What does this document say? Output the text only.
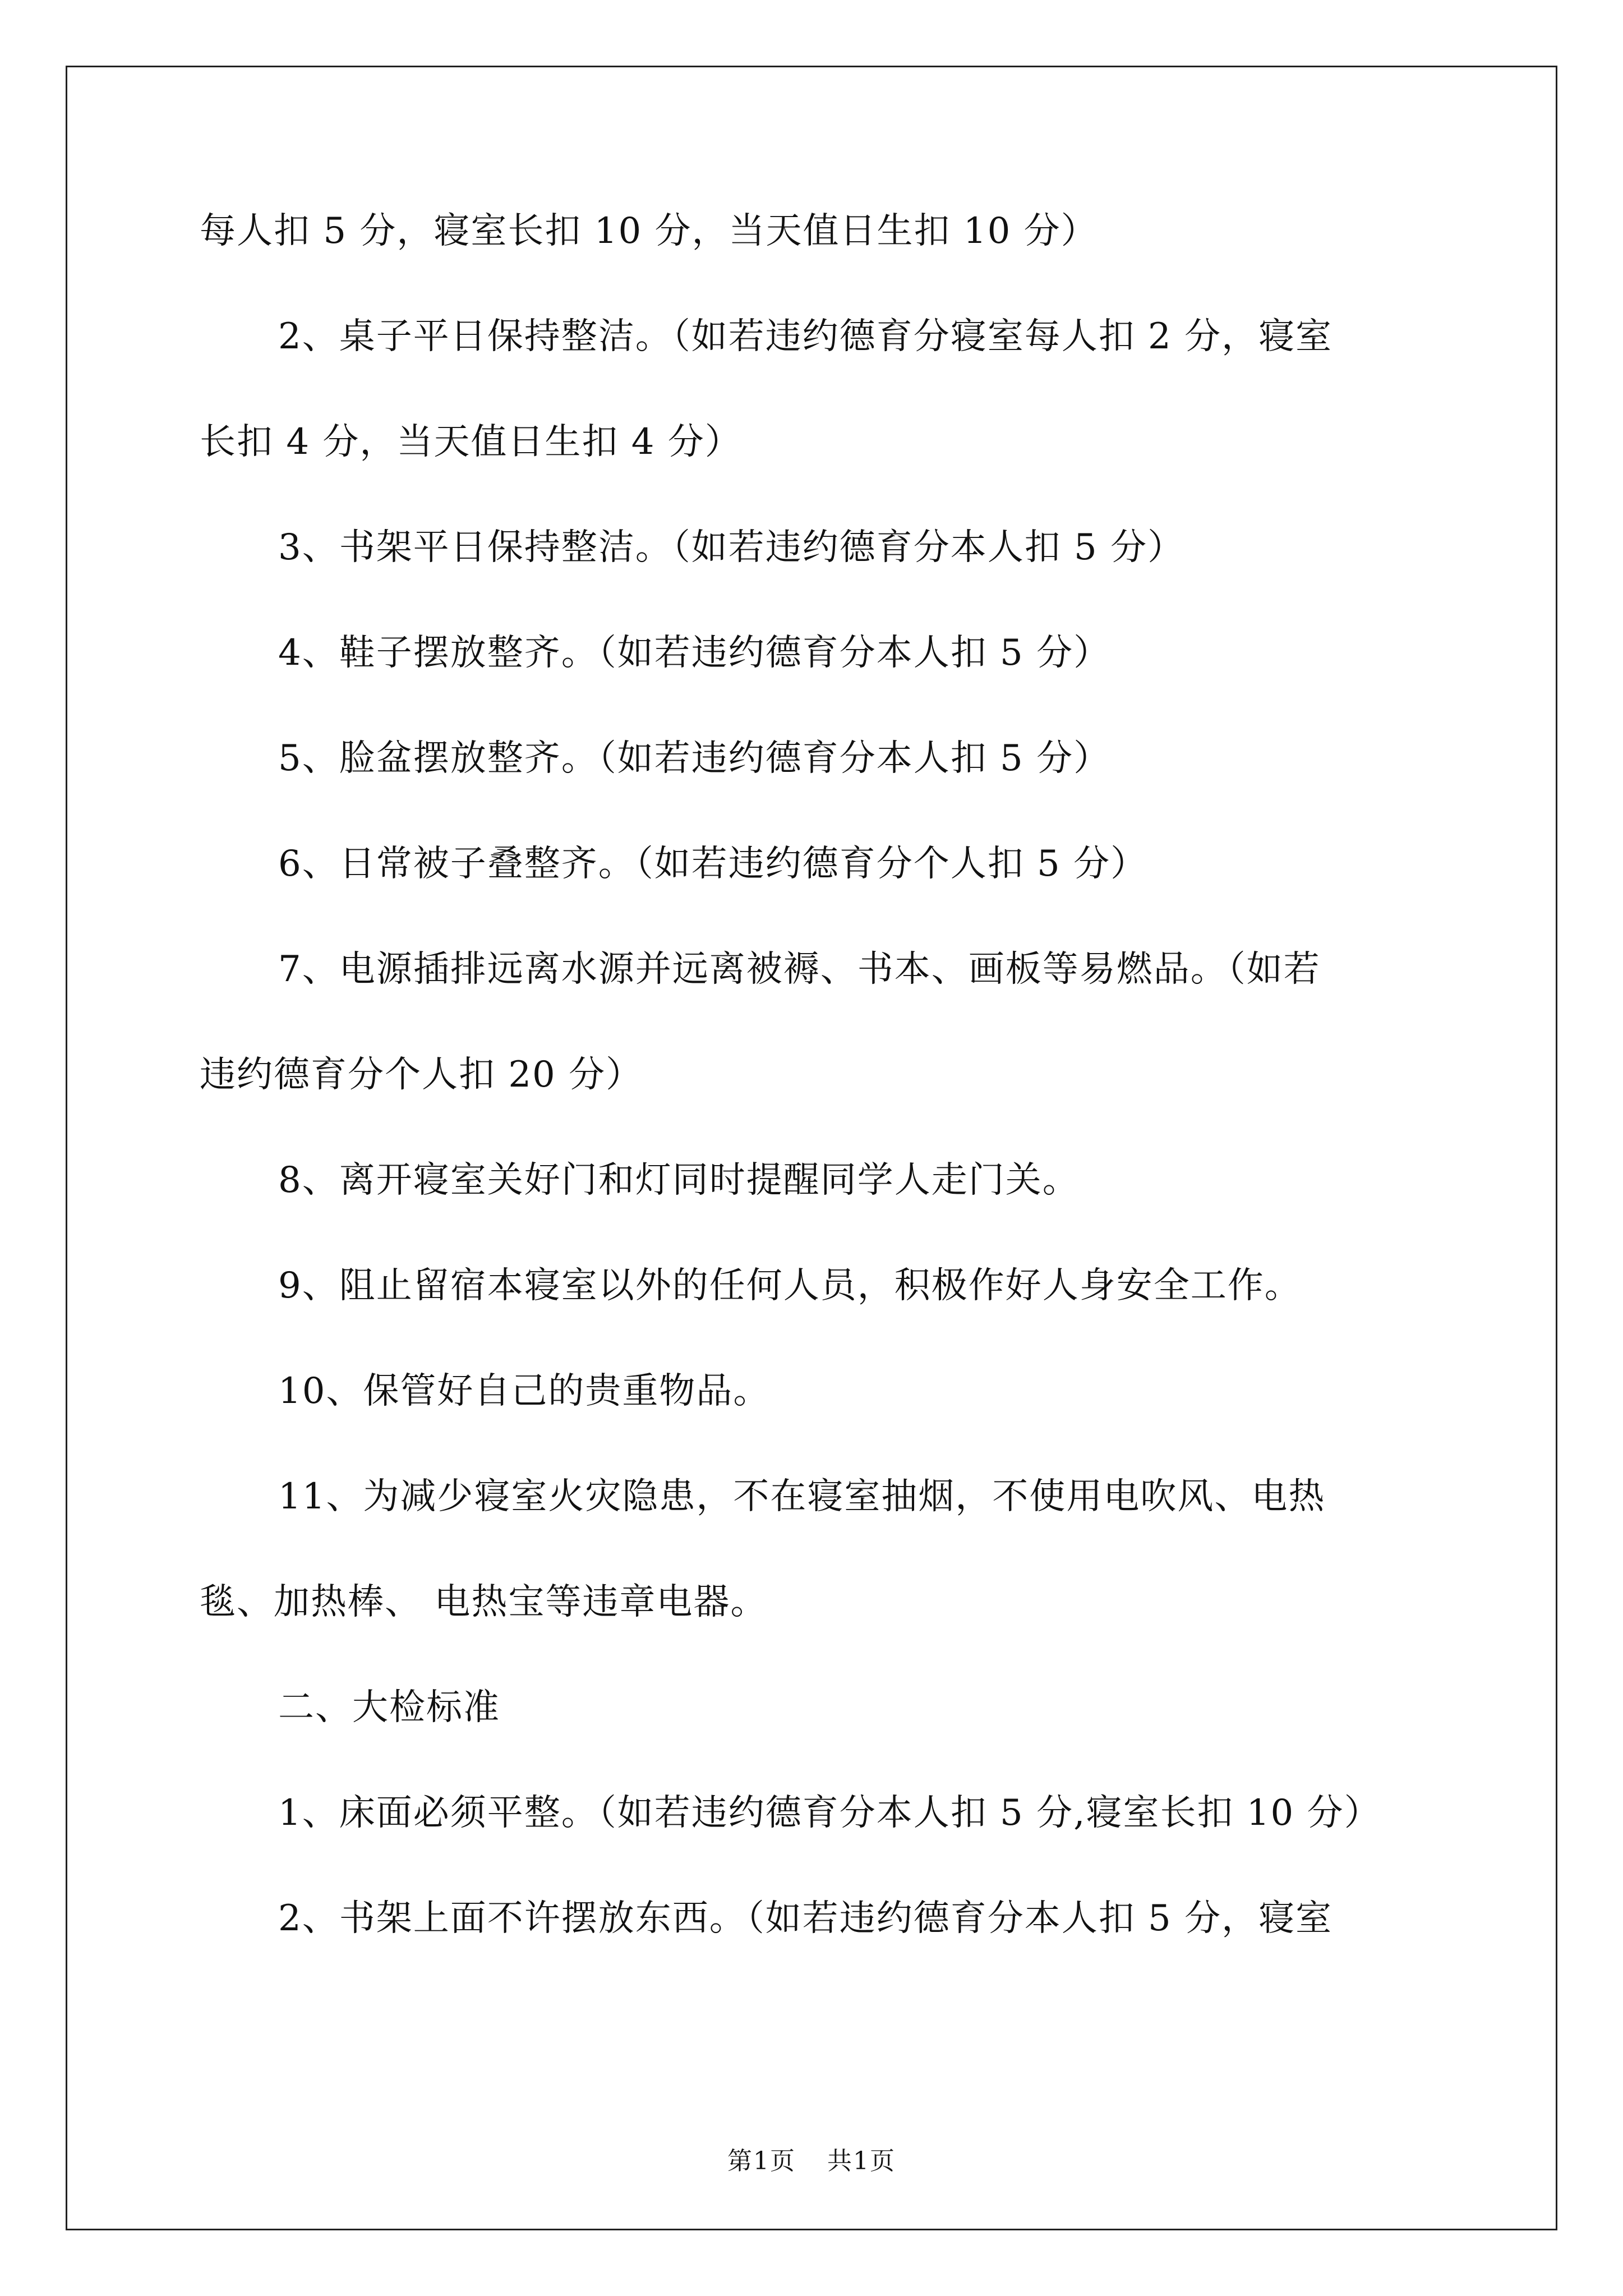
每人扣 5 分，寝室长扣 10 分，当天值日生扣 10 分）
2、桌子平日保持整洁。（如若违约德育分寝室每人扣 2 分，寝室
长扣 4 分，当天值日生扣 4 分）
3、书架平日保持整洁。（如若违约德育分本人扣 5 分）
4、鞋子摆放整齐。（如若违约德育分本人扣 5 分）
5、脸盆摆放整齐。（如若违约德育分本人扣 5 分）
6、日常被子叠整齐。（如若违约德育分个人扣 5 分）
7、电源插排远离水源并远离被褥、书本、画板等易燃品。（如若
违约德育分个人扣 20 分）
8、离开寝室关好门和灯同时提醒同学人走门关。
9、阻止留宿本寝室以外的任何人员，积极作好人身安全工作。
10、保管好自己的贵重物品。
11、为减少寝室火灾隐患，不在寝室抽烟，不使用电吹风、电热
毯、加热棒、 电热宝等违章电器。
二、大检标准
1、床面必须平整。（如若违约德育分本人扣 5 分,寝室长扣 10 分）
2、书架上面不许摆放东西。（如若违约德育分本人扣 5 分，寝室
第1页 共1页
